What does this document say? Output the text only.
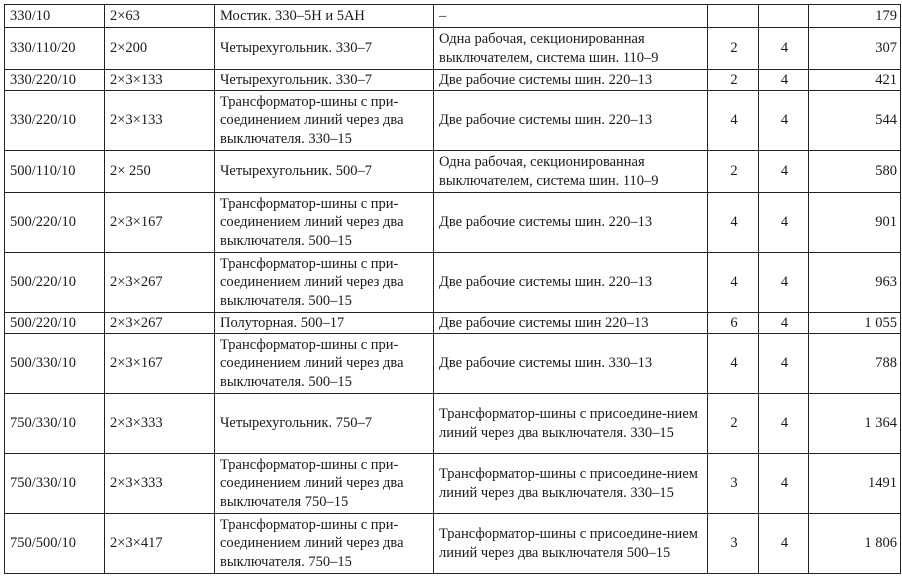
330/10	2×63	Мостик. 330–5Н и 5АН	–			179
330/110/20	2×200	Четырехугольник. 330–7	Одна рабочая, секционированная выключателем, система шин. 110–9	2	4	307
330/220/10	2×3×133	Четырехугольник. 330–7	Две рабочие системы шин. 220–13	2	4	421
330/220/10	2×3×133	Трансформатор-шины с при-соединением линий через два выключателя. 330–15	Две рабочие системы шин. 220–13	4	4	544
500/110/10	2× 250	Четырехугольник. 500–7	Одна рабочая, секционированная выключателем, система шин. 110–9	2	4	580
500/220/10	2×3×167	Трансформатор-шины с при-соединением линий через два выключателя. 500–15	Две рабочие системы шин. 220–13	4	4	901
500/220/10	2×3×267	Трансформатор-шины с при-соединением линий через два выключателя. 500–15	Две рабочие системы шин. 220–13	4	4	963
500/220/10	2×3×267	Полуторная. 500–17	Две рабочие системы шин 220–13	6	4	1 055
500/330/10	2×3×167	Трансформатор-шины с при-соединением линий через два выключателя. 500–15	Две рабочие системы шин. 330–13	4	4	788
750/330/10	2×3×333	Четырехугольник. 750–7	Трансформатор-шины с присоедине-нием линий через два выключателя. 330–15	2	4	1 364
750/330/10	2×3×333	Трансформатор-шины с при-соединением линий через два выключателя 750–15	Трансформатор-шины с присоедине-нием линий через два выключателя. 330–15	3	4	1491
750/500/10	2×3×417	Трансформатор-шины с при-соединением линий через два выключателя. 750–15	Трансформатор-шины с присоедине-нием линий через два выключателя 500–15	3	4	1 806
